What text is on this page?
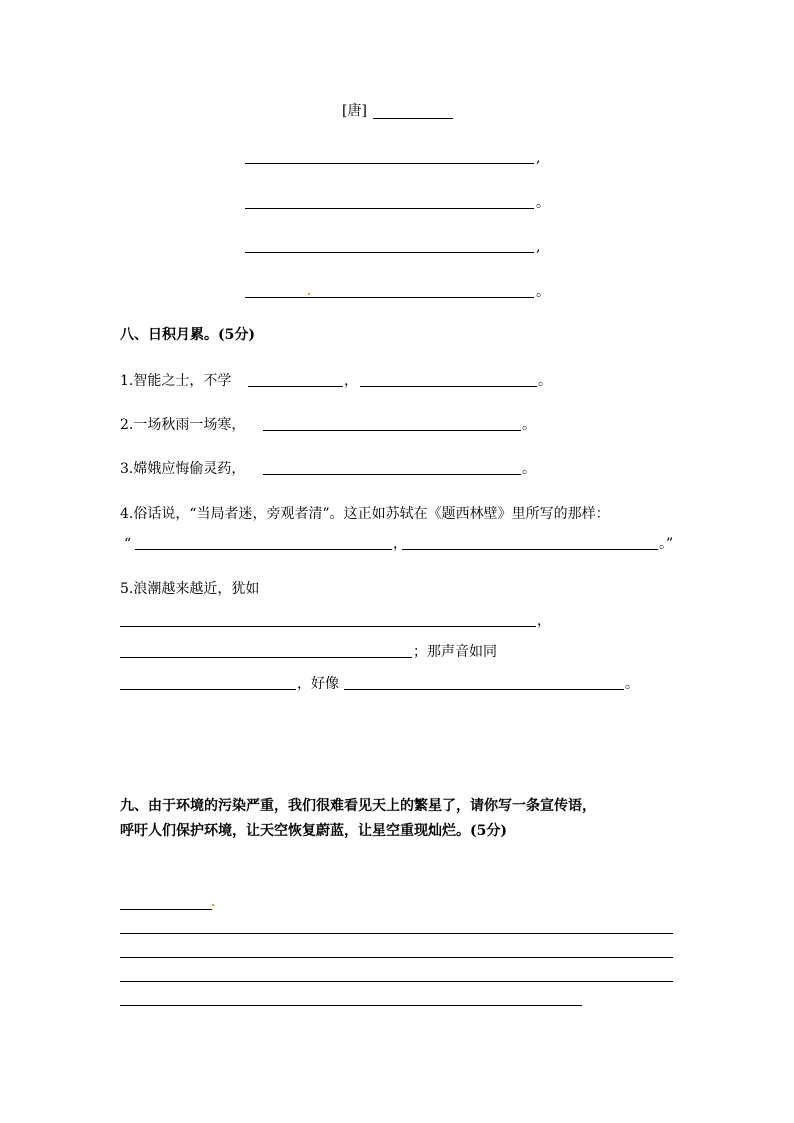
[唐]
,
。
,
。
八、日积月累。(5分)
1.智能之士，不学	，	。
2.一场秋雨一场寒，	。
3.嫦娥应悔偷灵药，	。
4.俗话说，“当局者迷，旁观者清”。这正如苏轼在《题西林壁》里所写的那样：
“	，	。”
5.浪潮越来越近，犹如
，
；那声音如同
，好像	。
九、由于环境的污染严重，我们很难看见天上的繁星了，请你写一条宣传语，
呼吁人们保护环境，让天空恢复蔚蓝，让星空重现灿烂。(5分)
